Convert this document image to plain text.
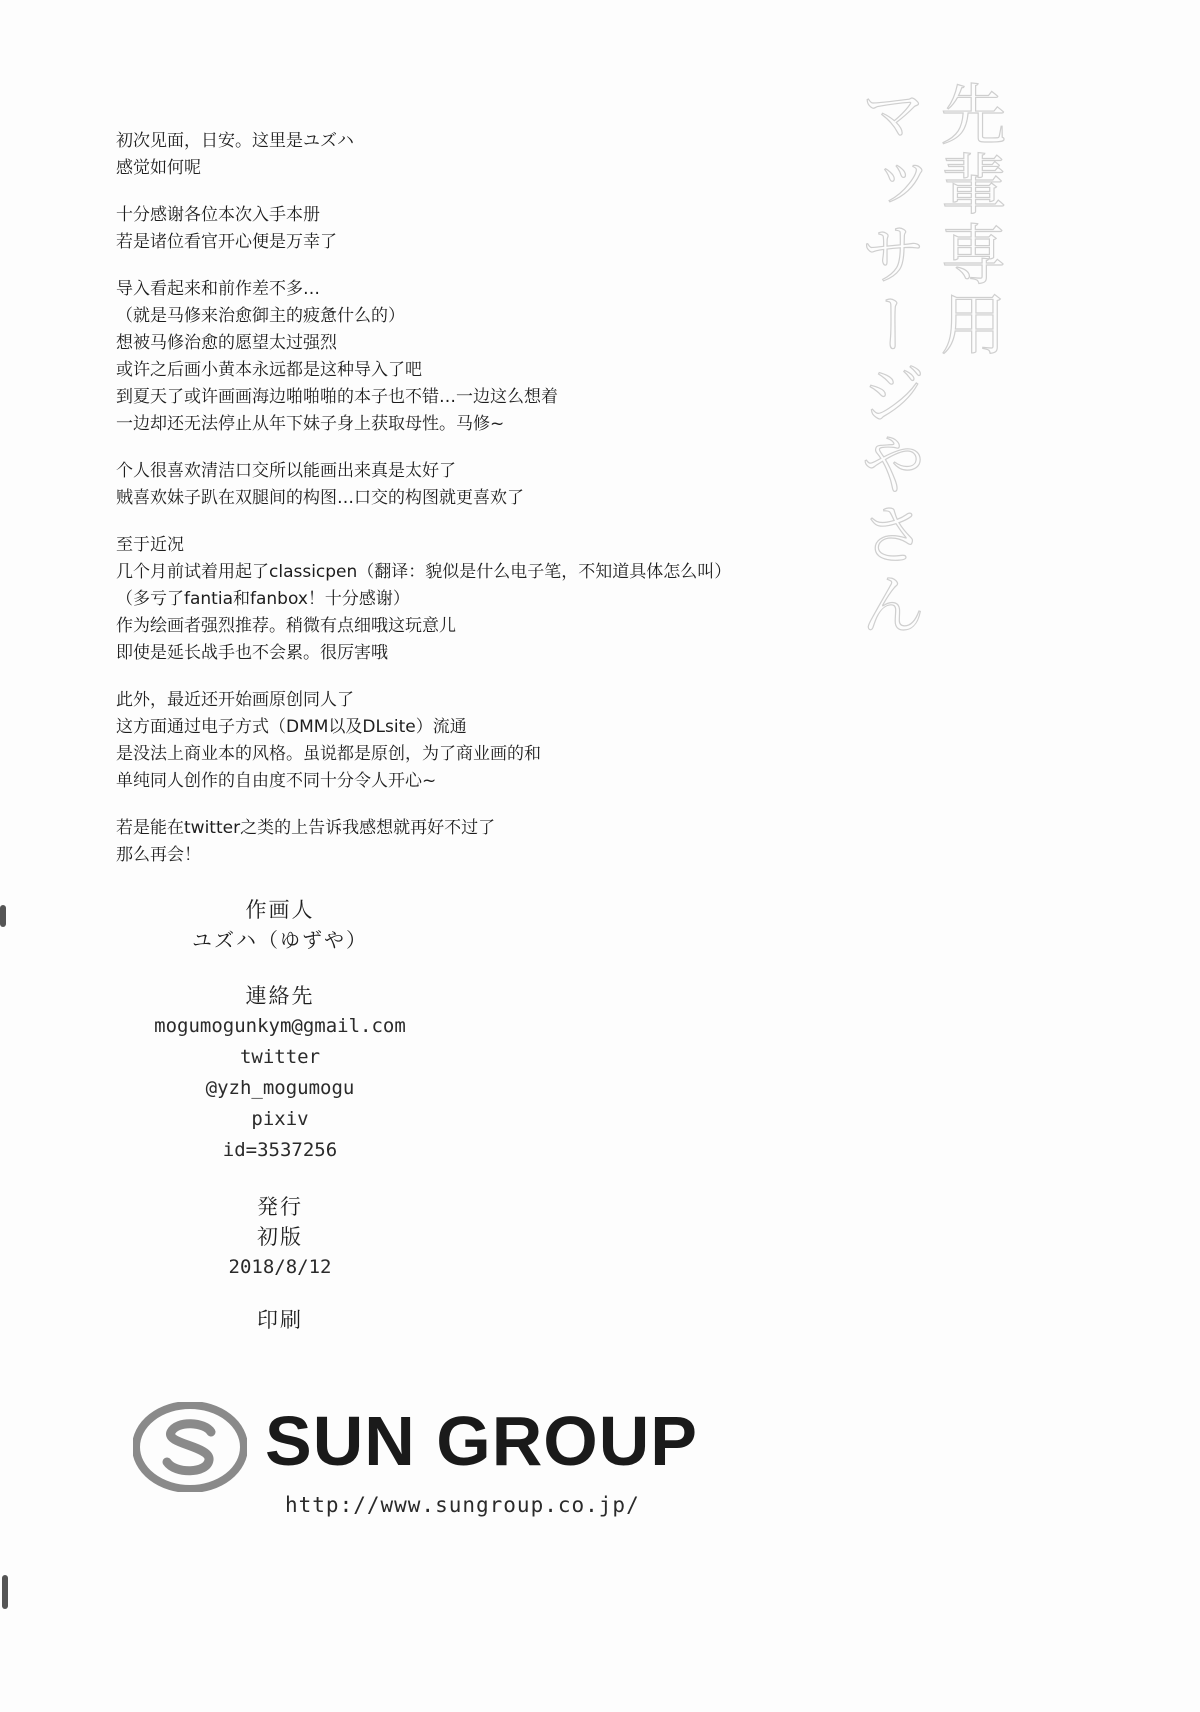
先輩専用
マッサージやさん
初次见面，日安。这里是ユズハ
感觉如何呢
十分感谢各位本次入手本册
若是诸位看官开心便是万幸了
导入看起来和前作差不多…
（就是马修来治愈御主的疲惫什么的）
想被马修治愈的愿望太过强烈
或许之后画小黄本永远都是这种导入了吧
到夏天了或许画画海边啪啪啪的本子也不错…一边这么想着
一边却还无法停止从年下妹子身上获取母性。马修~
个人很喜欢清洁口交所以能画出来真是太好了
贼喜欢妹子趴在双腿间的构图…口交的构图就更喜欢了
至于近况
几个月前试着用起了classicpen（翻译：貌似是什么电子笔，不知道具体怎么叫）
（多亏了fantia和fanbox！十分感谢）
作为绘画者强烈推荐。稍微有点细哦这玩意儿
即使是延长战手也不会累。很厉害哦
此外，最近还开始画原创同人了
这方面通过电子方式（DMM以及DLsite）流通
是没法上商业本的风格。虽说都是原创，为了商业画的和
单纯同人创作的自由度不同十分令人开心~
若是能在twitter之类的上告诉我感想就再好不过了
那么再会！
作画人
ユズハ（ゆずや）
連絡先
mogumogunkym@gmail.com
twitter
@yzh_mogumogu
pixiv
id=3537256
発行
初版
2018/8/12
印刷
SUN GROUP
http://www.sungroup.co.jp/
